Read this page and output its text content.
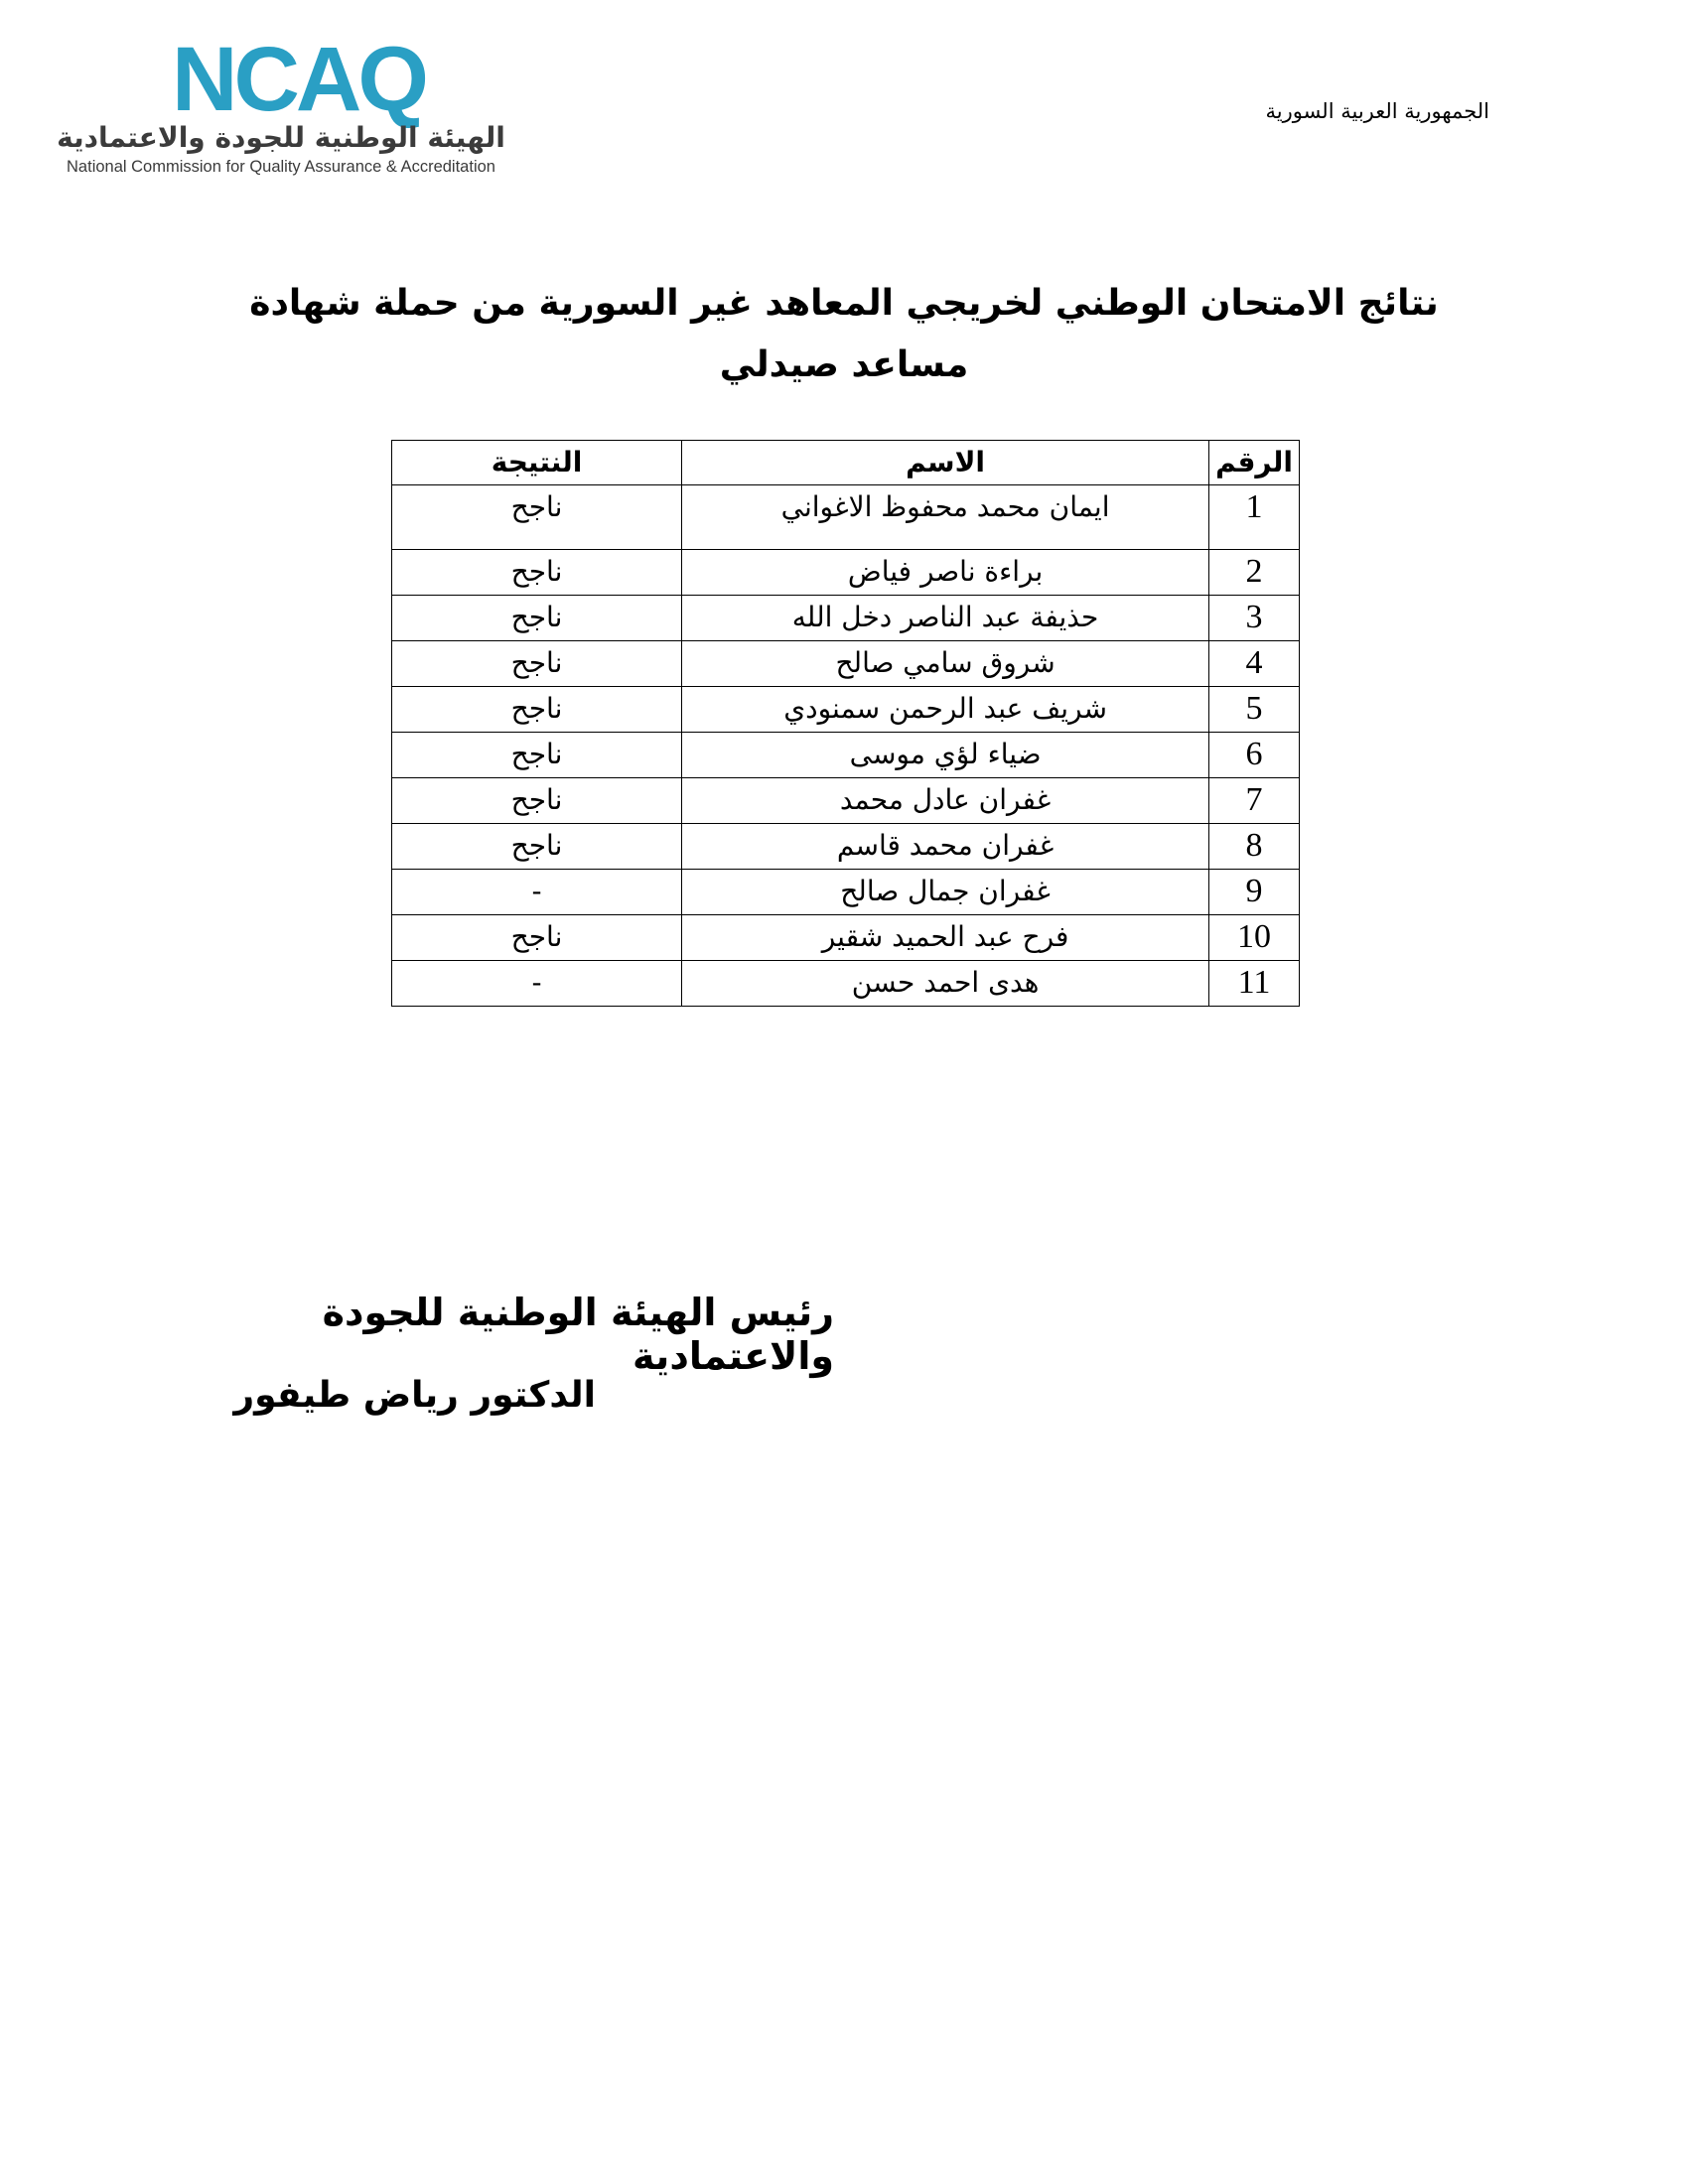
NCAQ

الهيئة الوطنية للجودة والاعتمادية
National Commission for Quality Assurance & Accreditation

الجمهورية العربية السورية

نتائج الامتحان الوطني لخريجي المعاهد غير السورية من حملة شهادة مساعد صيدلي
الرقم	الاسم	النتيجة
1	ايمان محمد محفوظ الاغواني	ناجح
2	براءة ناصر فياض	ناجح
3	حذيفة عبد الناصر دخل الله	ناجح
4	شروق سامي صالح	ناجح
5	شريف عبد الرحمن سمنودي	ناجح
6	ضياء لؤي موسى	ناجح
7	غفران عادل محمد	ناجح
8	غفران محمد قاسم	ناجح
9	غفران جمال صالح	-
10	فرح عبد الحميد شقير	ناجح
11	هدى احمد حسن	-

رئيس الهيئة الوطنية للجودة والاعتمادية

الدكتور رياض طيفور
